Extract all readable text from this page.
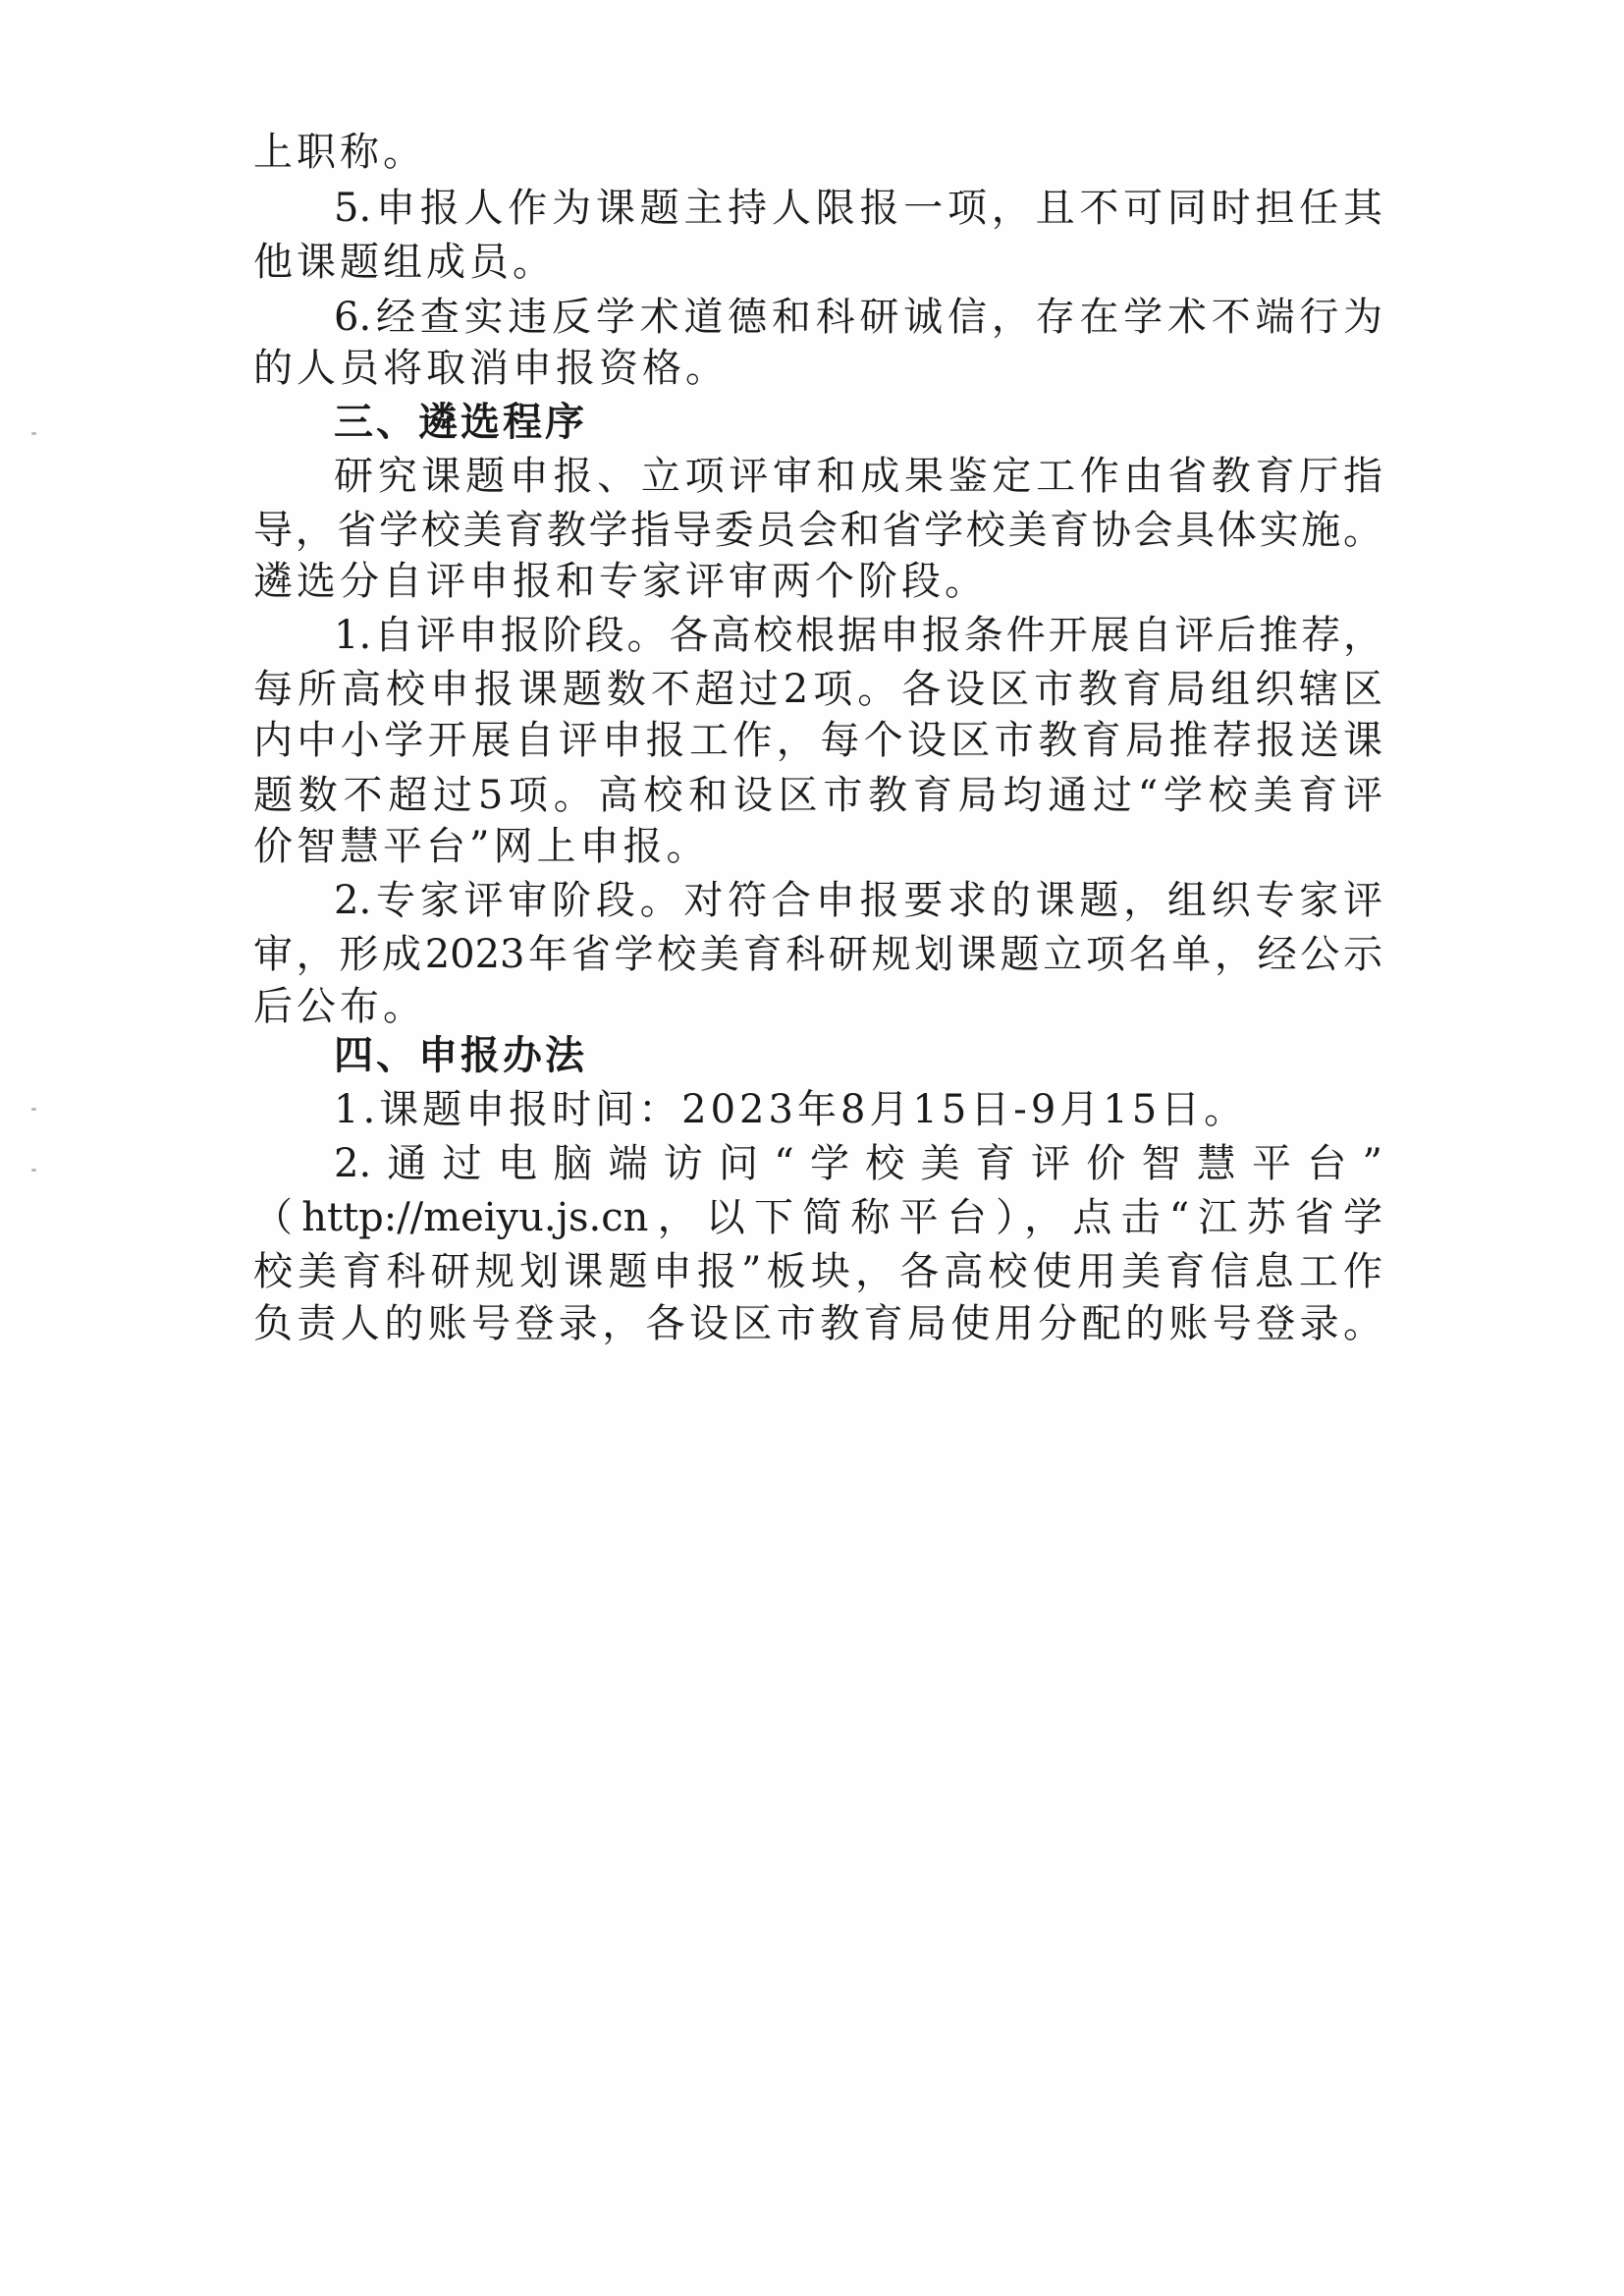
上职称。
5.申报人作为课题主持人限报一项，且不可同时担任其
他课题组成员。
6.经查实违反学术道德和科研诚信，存在学术不端行为
的人员将取消申报资格。
三、遴选程序
研究课题申报、立项评审和成果鉴定工作由省教育厅指
导，省学校美育教学指导委员会和省学校美育协会具体实施。
遴选分自评申报和专家评审两个阶段。
1.自评申报阶段。各高校根据申报条件开展自评后推荐，
每所高校申报课题数不超过2项。各设区市教育局组织辖区
内中小学开展自评申报工作，每个设区市教育局推荐报送课
题数不超过5项。高校和设区市教育局均通过“学校美育评
价智慧平台”网上申报。
2.专家评审阶段。对符合申报要求的课题，组织专家评
审，形成2023年省学校美育科研规划课题立项名单，经公示
后公布。
四、申报办法
1.课题申报时间：2023年8月15日-9月15日。
2.通过电脑端访问“学校美育评价智慧平台”
（http://meiyu.js.cn，以下简称平台），点击“江苏省学
校美育科研规划课题申报”板块，各高校使用美育信息工作
负责人的账号登录，各设区市教育局使用分配的账号登录。
